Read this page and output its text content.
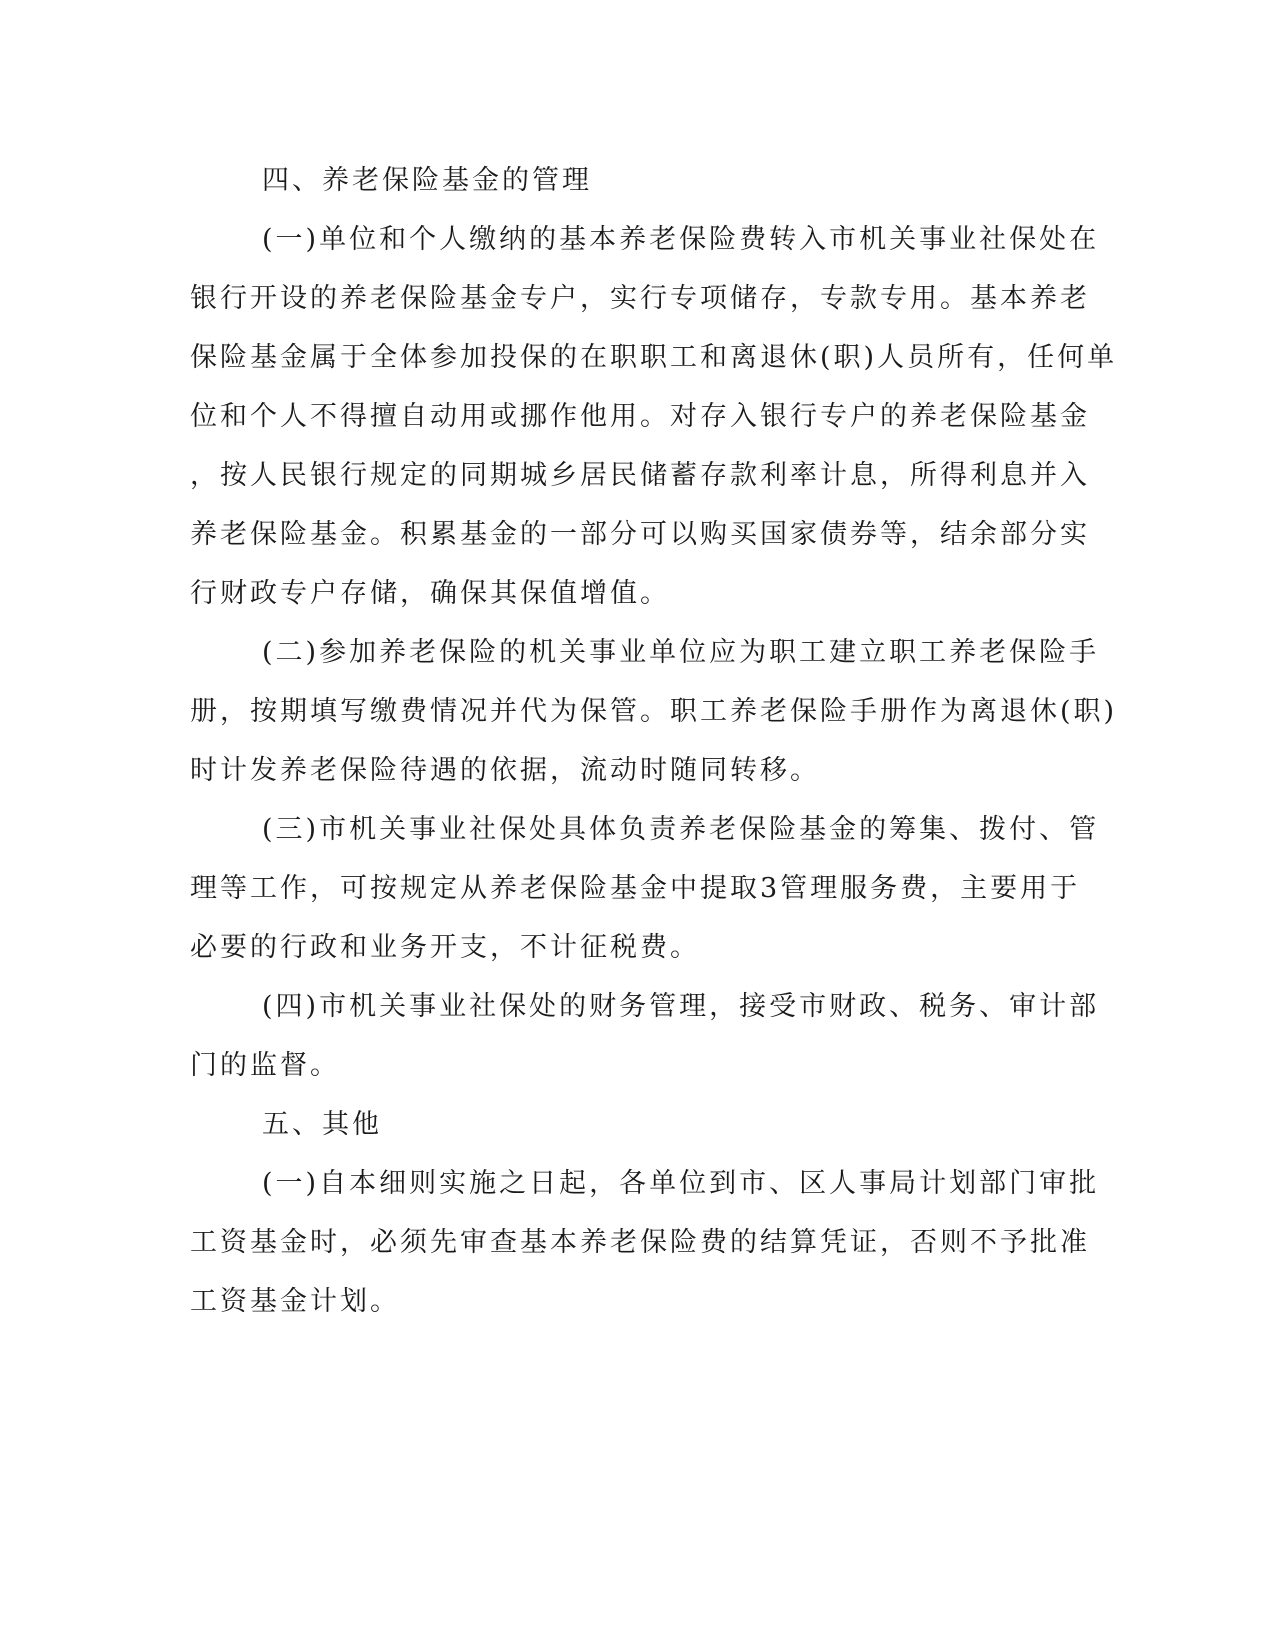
四、养老保险基金的管理
(一)单位和个人缴纳的基本养老保险费转入市机关事业社保处在
银行开设的养老保险基金专户，实行专项储存，专款专用。基本养老
保险基金属于全体参加投保的在职职工和离退休(职)人员所有，任何单
位和个人不得擅自动用或挪作他用。对存入银行专户的养老保险基金
，按人民银行规定的同期城乡居民储蓄存款利率计息，所得利息并入
养老保险基金。积累基金的一部分可以购买国家债券等，结余部分实
行财政专户存储，确保其保值增值。
(二)参加养老保险的机关事业单位应为职工建立职工养老保险手
册，按期填写缴费情况并代为保管。职工养老保险手册作为离退休(职)
时计发养老保险待遇的依据，流动时随同转移。
(三)市机关事业社保处具体负责养老保险基金的筹集、拨付、管
理等工作，可按规定从养老保险基金中提取3管理服务费，主要用于
必要的行政和业务开支，不计征税费。
(四)市机关事业社保处的财务管理，接受市财政、税务、审计部
门的监督。
五、其他
(一)自本细则实施之日起，各单位到市、区人事局计划部门审批
工资基金时，必须先审查基本养老保险费的结算凭证，否则不予批准
工资基金计划。
